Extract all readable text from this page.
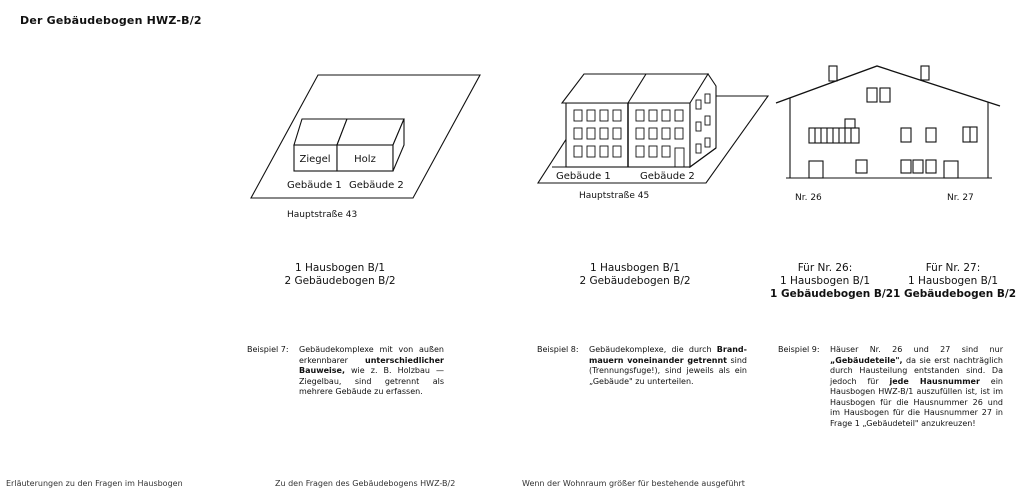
Der Gebäudebogen HWZ-B/2
Ziegel Holz
Gebäude 1 Gebäude 2
Hauptstraße 43
1 Hausbogen B/1
2 Gebäudebogen B/2
Beispiel 7: Gebäudekomplexe mit von außen erkennbarer unterschiedlicher Bauweise, wie z. B. Holzbau — Ziegelbau, sind getrennt als mehrere Gebäude zu erfassen.
Gebäude 1	Gebäude 2
Hauptstraße 45
1 Hausbogen B/1
2 Gebäudebogen B/2
Beispiel 8: Gebäudekomplexe, die durch Brandmauern voneinander getrennt sind (Trennungsfuge!), sind jeweils als ein „Gebäude" zu unterteilen.
Nr. 26	Nr. 27
Für Nr. 26:
1 Hausbogen B/1
1 Gebäudebogen B/2
Für Nr. 27:
1 Hausbogen B/1
1 Gebäudebogen B/2
Beispiel 9: Häuser Nr. 26 und 27 sind nur „Gebäudeteile", da sie erst nachträglich durch Hausteilung entstanden sind. Da jedoch für jede Hausnummer ein Hausbogen HWZ-B/1 auszufüllen ist, ist im Hausbogen für die Hausnummer 26 und im Hausbogen für die Hausnummer 27 in Frage 1 „Gebäudeteil" anzukreuzen!
Erläuterungen zu den Fragen im Hausbogen	Zu den Fragen des Gebäudebogens HWZ-B/2	Wenn der Wohnraum größer für bestehende ausgeführt
